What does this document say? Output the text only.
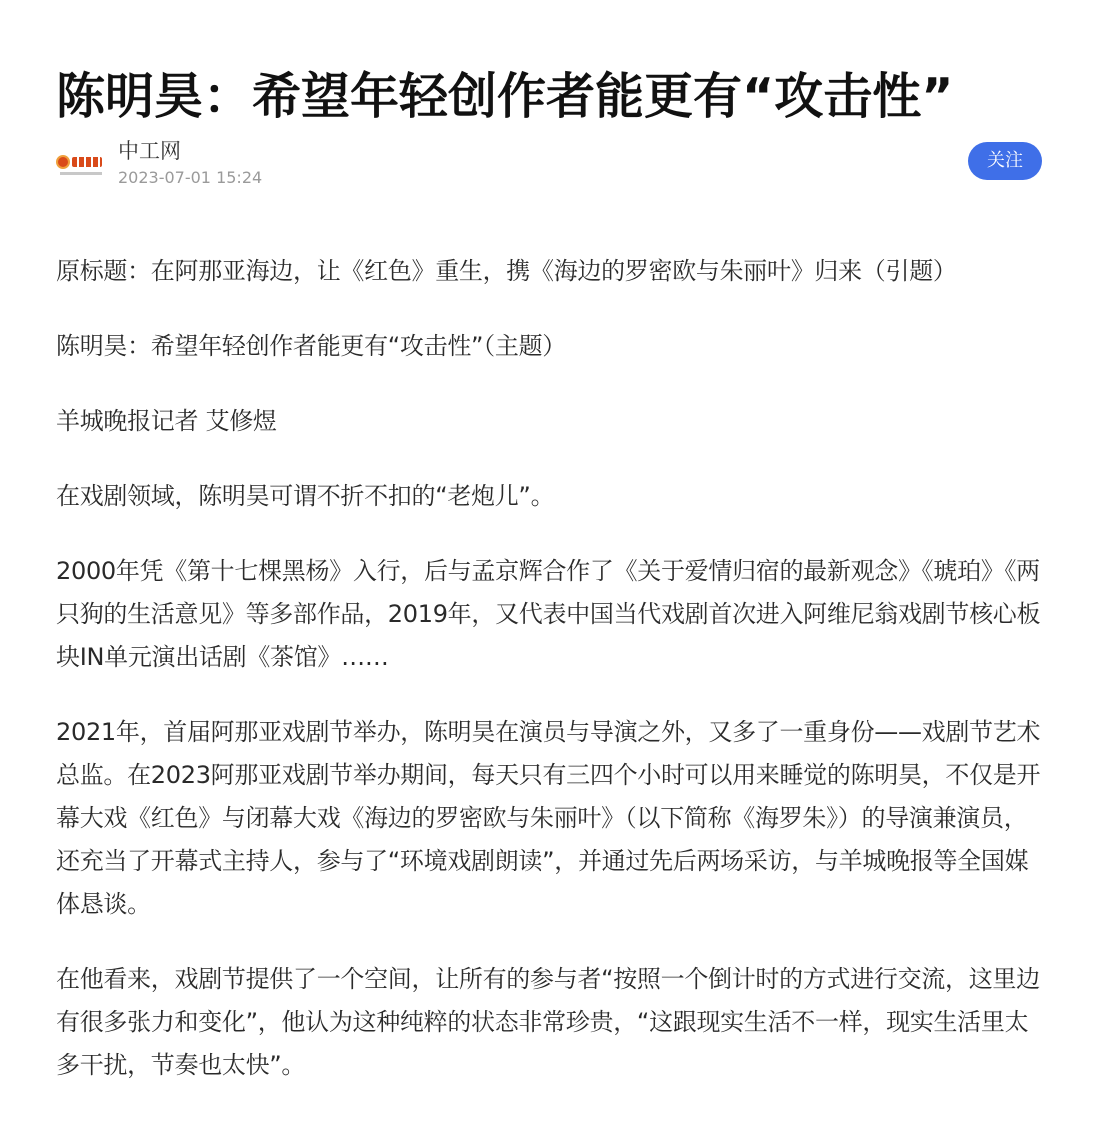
陈明昊：希望年轻创作者能更有“攻击性”
中工网
2023-07-01 15:24
关注

原标题：在阿那亚海边，让《红色》重生，携《海边的罗密欧与朱丽叶》归来（引题）

陈明昊：希望年轻创作者能更有“攻击性”（主题）

羊城晚报记者 艾修煜

在戏剧领域，陈明昊可谓不折不扣的“老炮儿”。

2000年凭《第十七棵黑杨》入行，后与孟京辉合作了《关于爱情归宿的最新观念》《琥珀》《两只狗的生活意见》等多部作品，2019年，又代表中国当代戏剧首次进入阿维尼翁戏剧节核心板块IN单元演出话剧《茶馆》……

2021年，首届阿那亚戏剧节举办，陈明昊在演员与导演之外，又多了一重身份——戏剧节艺术总监。在2023阿那亚戏剧节举办期间，每天只有三四个小时可以用来睡觉的陈明昊，不仅是开幕大戏《红色》与闭幕大戏《海边的罗密欧与朱丽叶》（以下简称《海罗朱》）的导演兼演员，还充当了开幕式主持人，参与了“环境戏剧朗读”，并通过先后两场采访，与羊城晚报等全国媒体恳谈。

在他看来，戏剧节提供了一个空间，让所有的参与者“按照一个倒计时的方式进行交流，这里边有很多张力和变化”，他认为这种纯粹的状态非常珍贵，“这跟现实生活不一样，现实生活里太多干扰，节奏也太快”。
